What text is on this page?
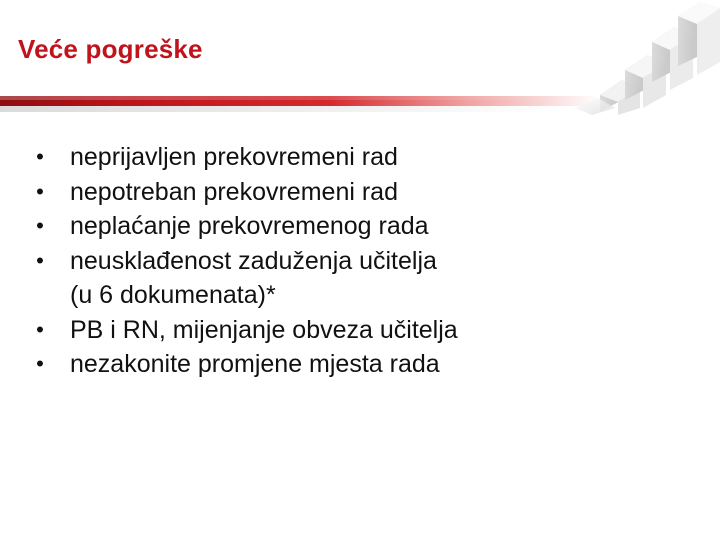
Veće pogreške
• neprijavljen prekovremeni rad
• nepotreban prekovremeni rad
• neplaćanje prekovremenog rada
• neusklađenost zaduženja učitelja
(u 6 dokumenata)*
• PB i RN, mijenjanje obveza učitelja
• nezakonite promjene mjesta rada
